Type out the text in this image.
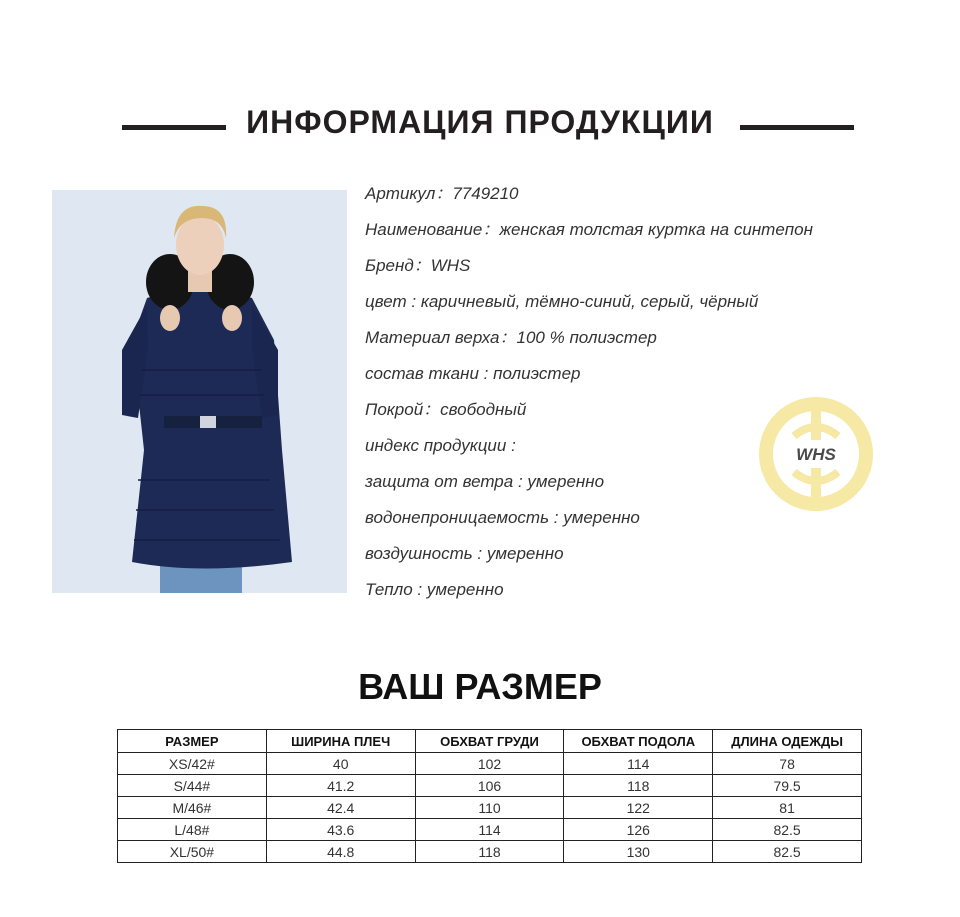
ИНФОРМАЦИЯ ПРОДУКЦИИ
Артикул：7749210
Наименование：женская толстая куртка на синтепон
Бренд：WHS
цвет : каричневый, тёмно-синий, серый, чёрный
Материал верха：100 % полиэстер
состав ткани : полиэстер
Покрой：свободный
индекс продукции :
защита от ветра : умеренно
водонепроницаемость : умеренно
воздушность : умеренно
Тепло : умеренно
WHS
ВАШ РАЗМЕР
РАЗМЕР	ШИРИНА ПЛЕЧ	ОБХВАТ ГРУДИ	ОБХВАТ ПОДОЛА	ДЛИНА ОДЕЖДЫ
XS/42#	40	102	114	78
S/44#	41.2	106	118	79.5
M/46#	42.4	110	122	81
L/48#	43.6	114	126	82.5
XL/50#	44.8	118	130	82.5
